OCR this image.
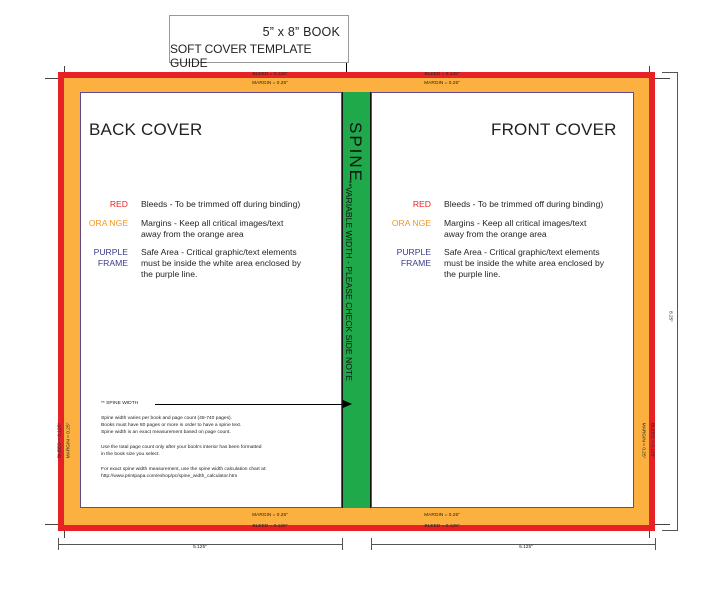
5” x 8” BOOK
SOFT COVER TEMPLATE GUIDE
SPINE
**VARIABLE WIDTH - PLEASE CHECK SIDE NOTE
BLEED = 0.125"
MARGIN = 0.25"
BLEED = 0.125"
MARGIN = 0.25"
MARGIN = 0.25"
BLEED = 0.125"
MARGIN = 0.25"
BLEED = 0.125"
BLEED = 0.125" MARGIN = 0.25"	MARGIN = 0.25" BLEED = 0.125"
BACK COVER
RED Bleeds - To be trimmed off during binding)
ORA NGE Margins - Keep all critical images/text
away from the orange area
PURPLE
FRAME
Safe Area - Critical graphic/text elements
must be inside the white area enclosed by
the purple line.
** SPINE WIDTH
Spine width varies per book and page count (48-740 pages).
Books must have 80 pages or more in order to have a spine text.
Spine width is an exact measurement based on page count.
Use the total page count only after your book's interior has been formatted
in the book size you select.
For exact spine width measurement, use the spine width calculation chart at:
http://www.printpapa.com/eshop/pc/spine_width_calculator.htm
FRONT COVER
RED Bleeds - To be trimmed off during binding)
ORA NGE Margins - Keep all critical images/text
away from the orange area
PURPLE
FRAME
Safe Area - Critical graphic/text elements
must be inside the white area enclosed by
the purple line.
5.125"	5.125"
8.25"
